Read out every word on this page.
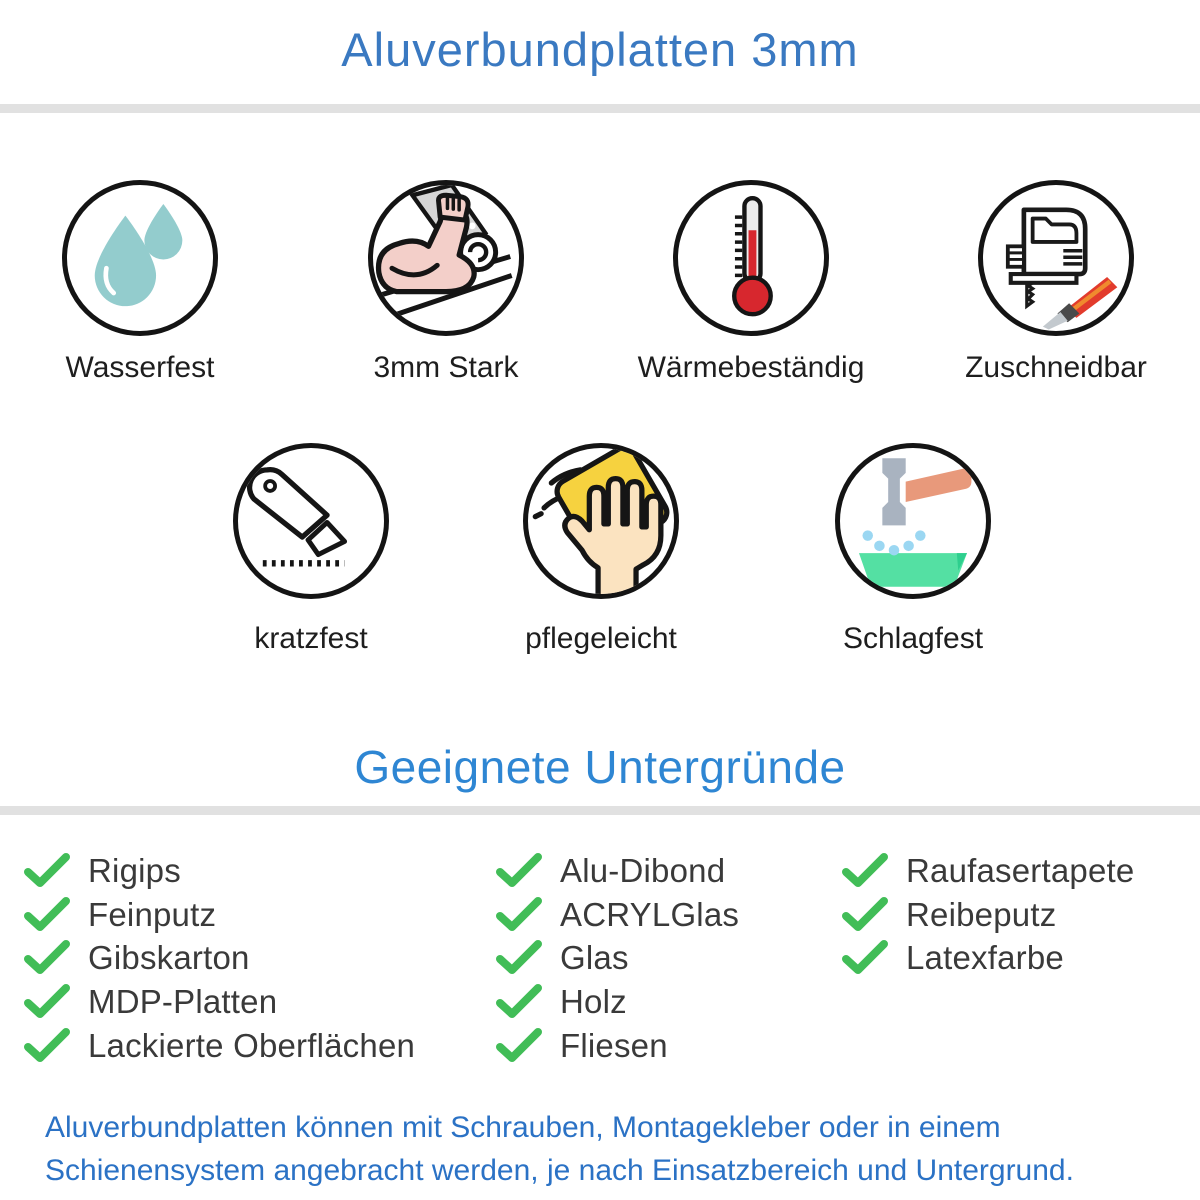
Aluverbundplatten 3mm
Wasserfest	3mm Stark	Wärmebeständig	Zuschneidbar
kratzfest	pflegeleicht	Schlagfest
Geeignete Untergründe
Rigips
Feinputz
Gibskarton
MDP-Platten
Lackierte Oberflächen
Alu-Dibond
ACRYLGlas
Glas
Holz
Fliesen
Raufasertapete
Reibeputz
Latexfarbe
Aluverbundplatten können mit Schrauben, Montagekleber oder in einem
Schienensystem angebracht werden, je nach Einsatzbereich und Untergrund.
